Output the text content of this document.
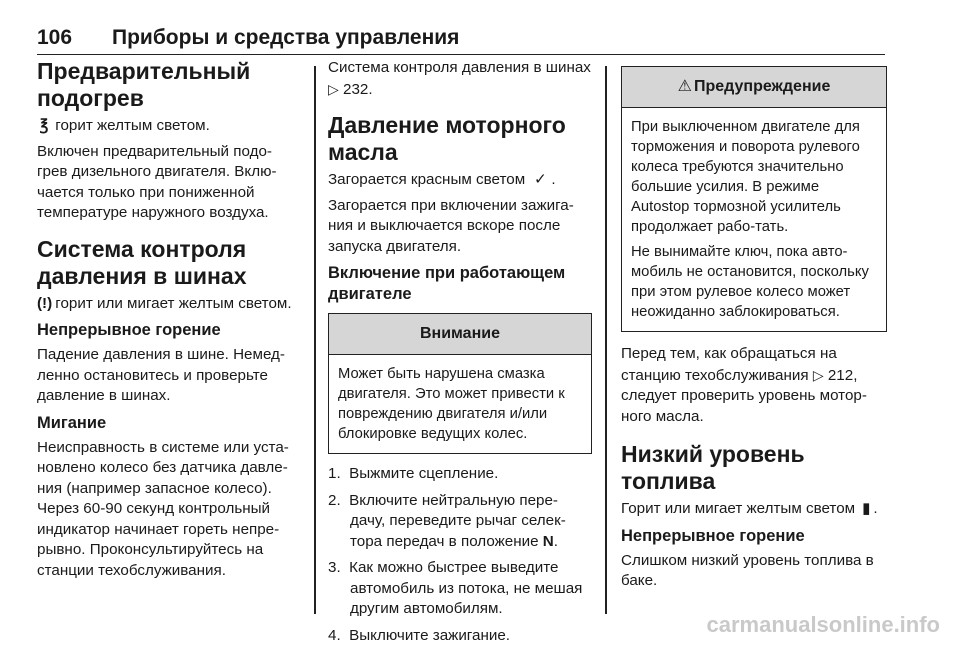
106 Приборы и средства управления
Предварительный подогрев

℥ горит желтым светом.

Включен предварительный подо-грев дизельного двигателя. Вклю-чается только при пониженной температуре наружного воздуха.

Система контроля давления в шинах

(!) горит или мигает желтым светом.

Непрерывное горение

Падение давления в шине. Немед-ленно остановитесь и проверьте давление в шинах.

Мигание

Неисправность в системе или уста-новлено колесо без датчика давле-ния (например запасное колесо). Через 60-90 секунд контрольный индикатор начинает гореть непре-рывно. Проконсультируйтесь на станции техобслуживания.

Система контроля давления в шинах ▷ 232.

Давление моторного масла

Загорается красным светом ✓ .

Загорается при включении зажига-ния и выключается вскоре после запуска двигателя.

Включение при работающем двигателе
Внимание

Может быть нарушена смазка двигателя. Это может привести к повреждению двигателя и/или блокировке ведущих колес.

1. Выжмите сцепление.
2. Включите нейтральную пере-дачу, переведите рычаг селек-тора передач в положение N.
3. Как можно быстрее выведите автомобиль из потока, не мешая другим автомобилям.
4. Выключите зажигание.
⚠ Предупреждение

При выключенном двигателе для торможения и поворота рулевого колеса требуются значительно большие усилия. В режиме Autostop тормозной усилитель продолжает рабо-тать.

Не вынимайте ключ, пока авто-мобиль не остановится, поскольку при этом рулевое колесо может неожиданно заблокироваться.

Перед тем, как обращаться на станцию техобслуживания ▷ 212, следует проверить уровень мотор-ного масла.

Низкий уровень топлива

Горит или мигает желтым светом ▮ .

Непрерывное горение

Слишком низкий уровень топлива в баке.

carmanualsonline.info
